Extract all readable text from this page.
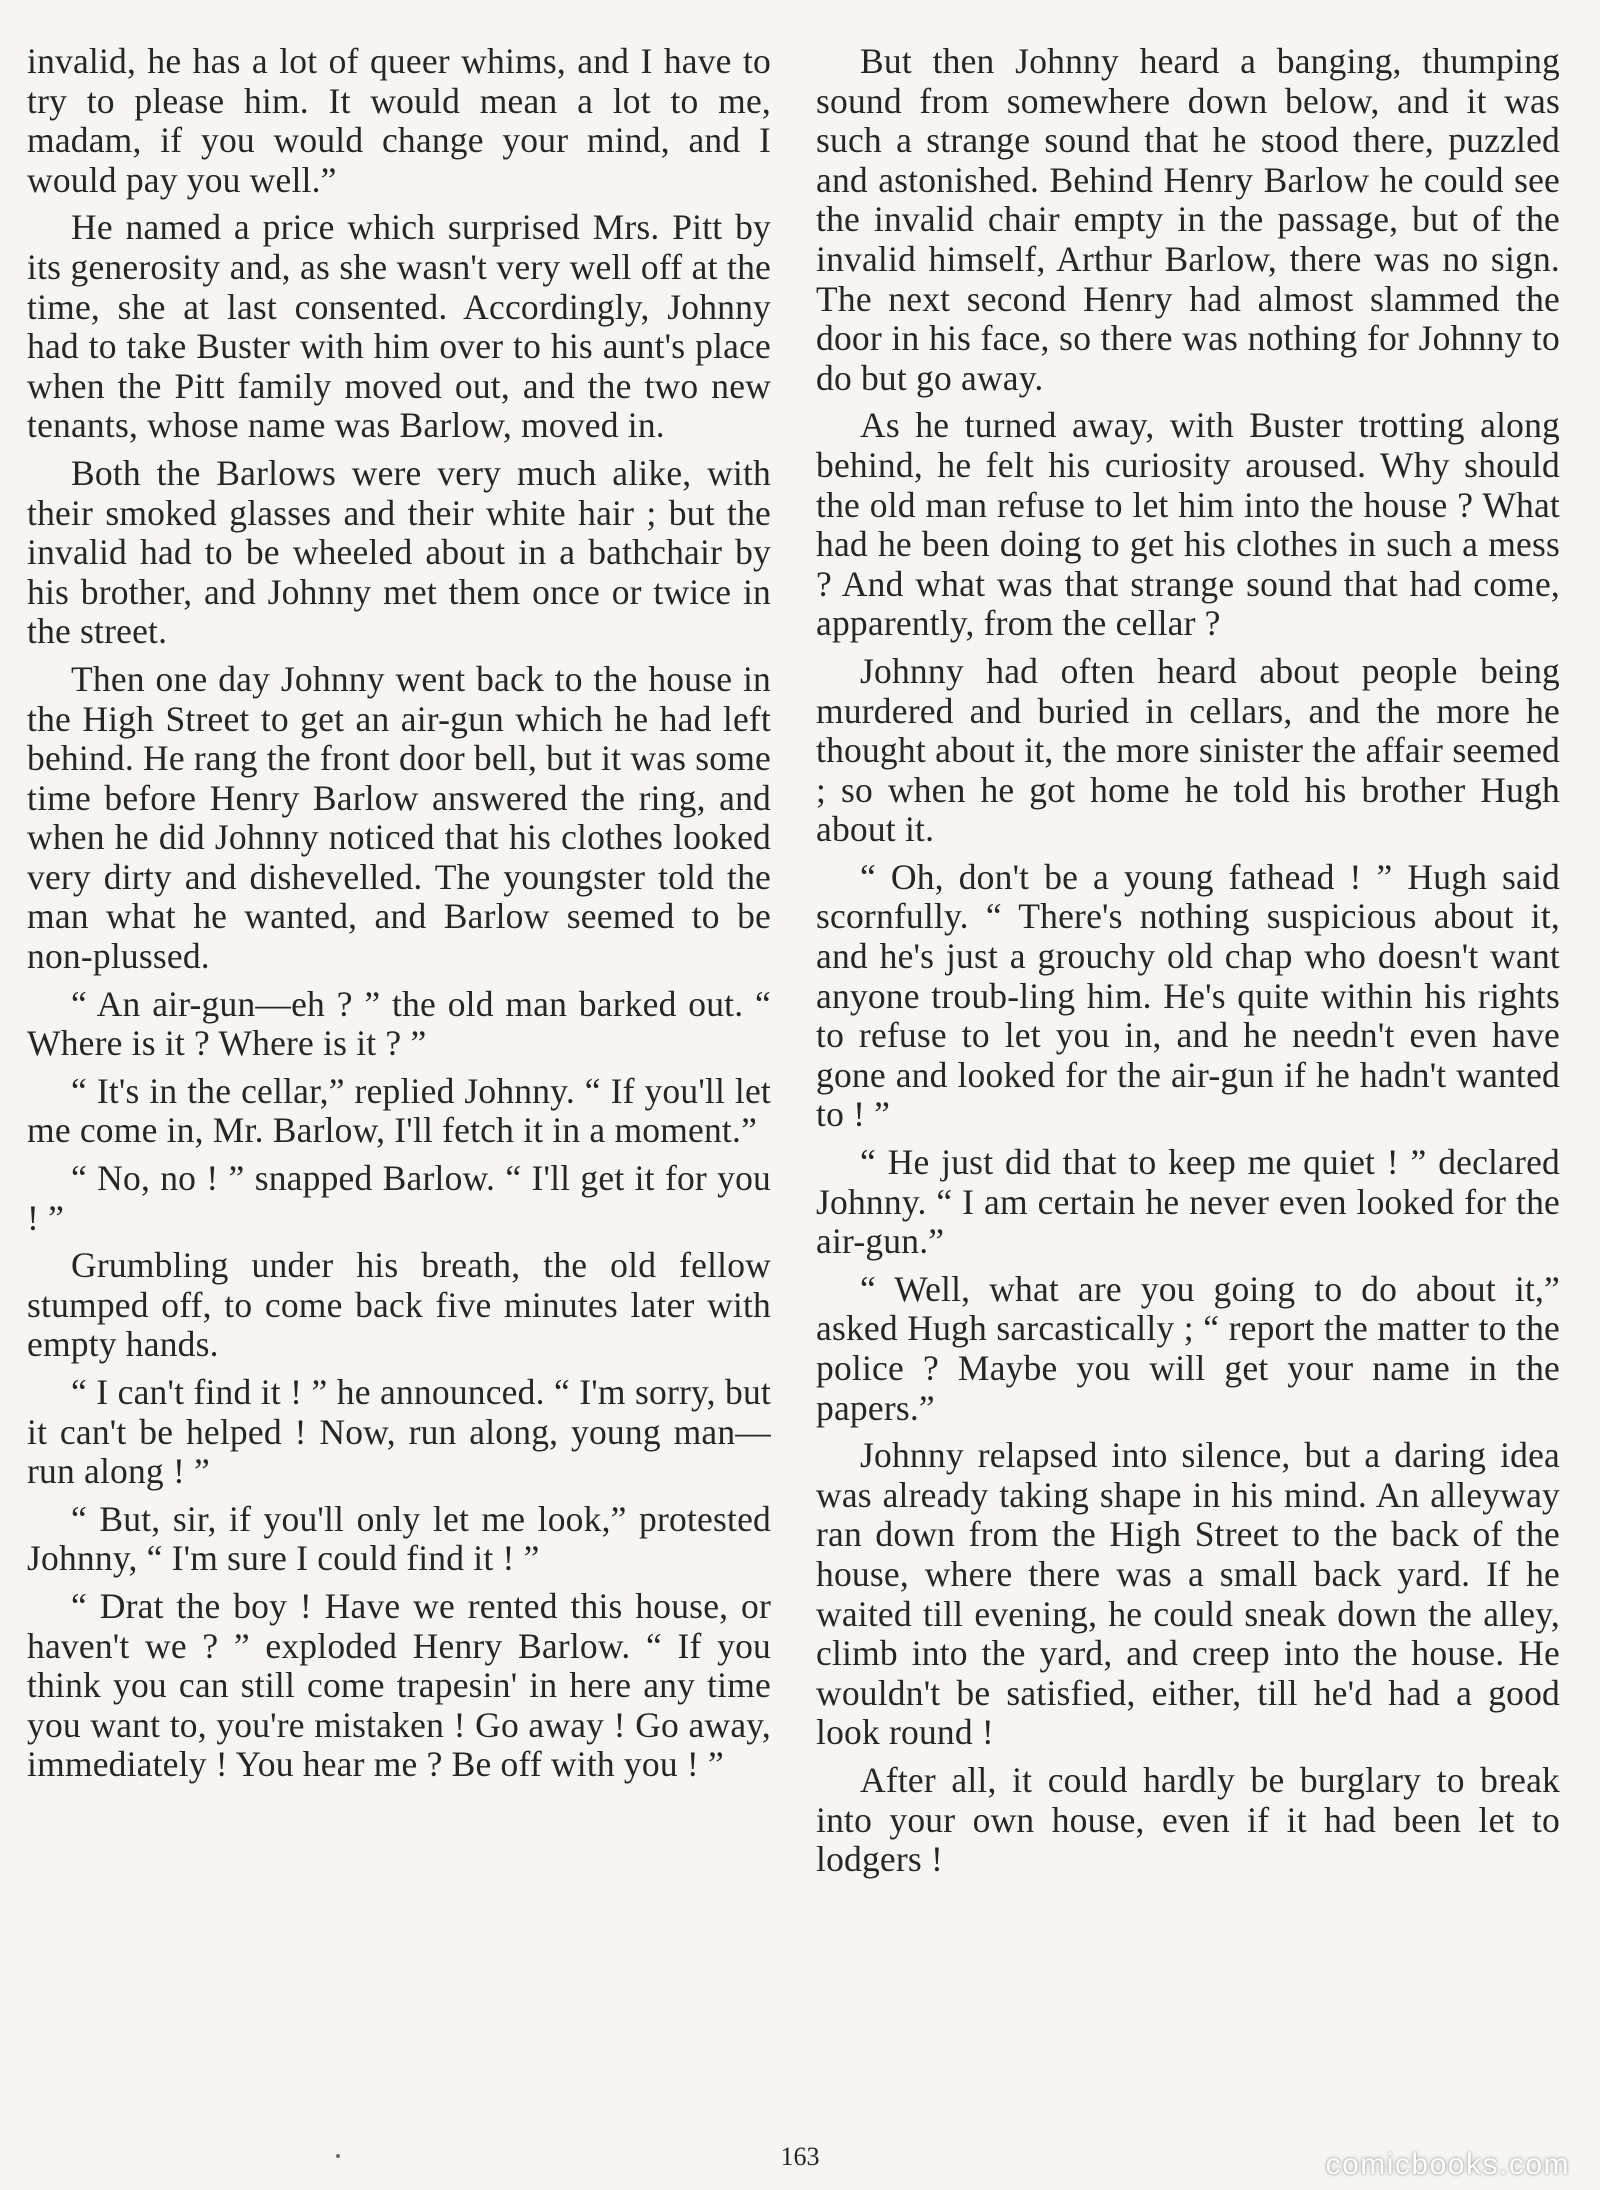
invalid, he has a lot of queer whims, and I have to try to please him. It would mean a lot to me, madam, if you would change your mind, and I would pay you well.”

He named a price which surprised Mrs. Pitt by its generosity and, as she wasn't very well off at the time, she at last consented. Accordingly, Johnny had to take Buster with him over to his aunt's place when the Pitt family moved out, and the two new tenants, whose name was Barlow, moved in.

Both the Barlows were very much alike, with their smoked glasses and their white hair ; but the invalid had to be wheeled about in a bathchair by his brother, and Johnny met them once or twice in the street.

Then one day Johnny went back to the house in the High Street to get an air-gun which he had left behind. He rang the front door bell, but it was some time before Henry Barlow answered the ring, and when he did Johnny noticed that his clothes looked very dirty and dishevelled. The youngster told the man what he wanted, and Barlow seemed to be non-plussed.

“ An air-gun—eh ? ” the old man barked out. “ Where is it ? Where is it ? ”

“ It's in the cellar,” replied Johnny. “ If you'll let me come in, Mr. Barlow, I'll fetch it in a moment.”

“ No, no ! ” snapped Barlow. “ I'll get it for you ! ”

Grumbling under his breath, the old fellow stumped off, to come back five minutes later with empty hands.

“ I can't find it ! ” he announced. “ I'm sorry, but it can't be helped ! Now, run along, young man—run along ! ”

“ But, sir, if you'll only let me look,” protested Johnny, “ I'm sure I could find it ! ”

“ Drat the boy ! Have we rented this house, or haven't we ? ” exploded Henry Barlow. “ If you think you can still come trapesin' in here any time you want to, you're mistaken ! Go away ! Go away, immediately ! You hear me ? Be off with you ! ”

But then Johnny heard a banging, thumping sound from somewhere down below, and it was such a strange sound that he stood there, puzzled and astonished. Behind Henry Barlow he could see the invalid chair empty in the passage, but of the invalid himself, Arthur Barlow, there was no sign. The next second Henry had almost slammed the door in his face, so there was nothing for Johnny to do but go away.

As he turned away, with Buster trotting along behind, he felt his curiosity aroused. Why should the old man refuse to let him into the house ? What had he been doing to get his clothes in such a mess ? And what was that strange sound that had come, apparently, from the cellar ?

Johnny had often heard about people being murdered and buried in cellars, and the more he thought about it, the more sinister the affair seemed ; so when he got home he told his brother Hugh about it.

“ Oh, don't be a young fathead ! ” Hugh said scornfully. “ There's nothing suspicious about it, and he's just a grouchy old chap who doesn't want anyone troub-ling him. He's quite within his rights to refuse to let you in, and he needn't even have gone and looked for the air-gun if he hadn't wanted to ! ”

“ He just did that to keep me quiet ! ” declared Johnny. “ I am certain he never even looked for the air-gun.”

“ Well, what are you going to do about it,” asked Hugh sarcastically ; “ report the matter to the police ? Maybe you will get your name in the papers.”

Johnny relapsed into silence, but a daring idea was already taking shape in his mind. An alleyway ran down from the High Street to the back of the house, where there was a small back yard. If he waited till evening, he could sneak down the alley, climb into the yard, and creep into the house. He wouldn't be satisfied, either, till he'd had a good look round !

After all, it could hardly be burglary to break into your own house, even if it had been let to lodgers !

163	comicbooks.com
